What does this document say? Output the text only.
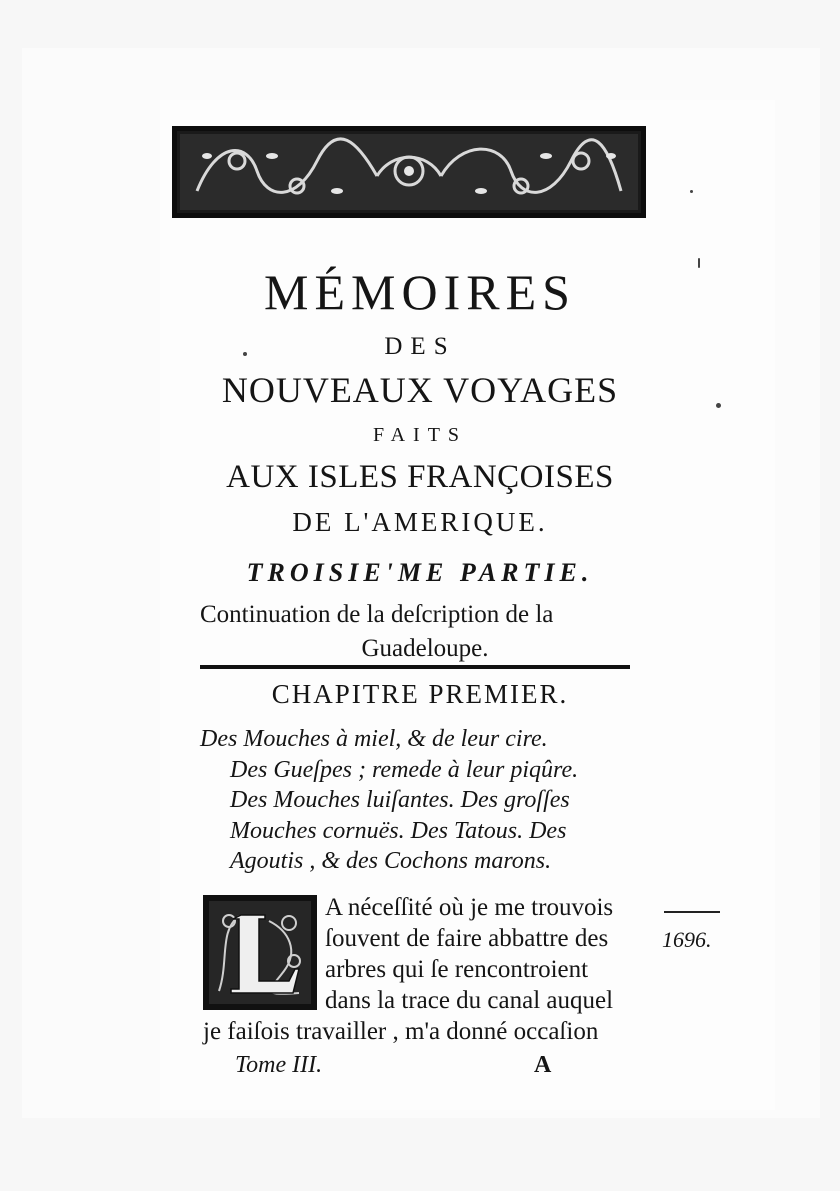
MÉMOIRES
DES
NOUVEAUX VOYAGES
FAITS
AUX ISLES FRANÇOISES
DE L'AMERIQUE.
TROISIE'ME PARTIE.
Continuation de la deſcription de la
Guadeloupe.
CHAPITRE PREMIER.
Des Mouches à miel, & de leur cire.
Des Gueſpes ; remede à leur piqûre.
Des Mouches luiſantes. Des groſſes
Mouches cornuës. Des Tatous. Des
Agoutis , & des Cochons marons.
A néceſſité où je me trouvois
ſouvent de faire abbattre des
arbres qui ſe rencontroient
dans la trace du canal auquel
je faiſois travailler , m'a donné occaſion
1696.
Tome III.	A
